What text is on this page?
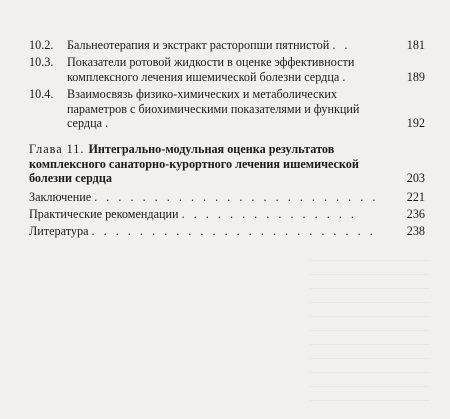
10.2.	Бальнеотерапия и экстракт расторопши пятнистой . .	181
10.3.	Показатели ротовой жидкости в оценке эффективности комплексного лечения ишемической болезни сердца .	189
10.4.	Взаимосвязь физико-химических и метаболических параметров с биохимическими показателями и функций сердца .	192
Глава 11. Интегрально-модульная оценка результатов комплексного санаторно-курортного лечения ишемической болезни сердца	203
Заключение . . . . . . . . . . . . . . . . . . . . . . . .	221
Практические рекомендации . . . . . . . . . . . . . . .	236
Литература . . . . . . . . . . . . . . . . . . . . . . . .	238
